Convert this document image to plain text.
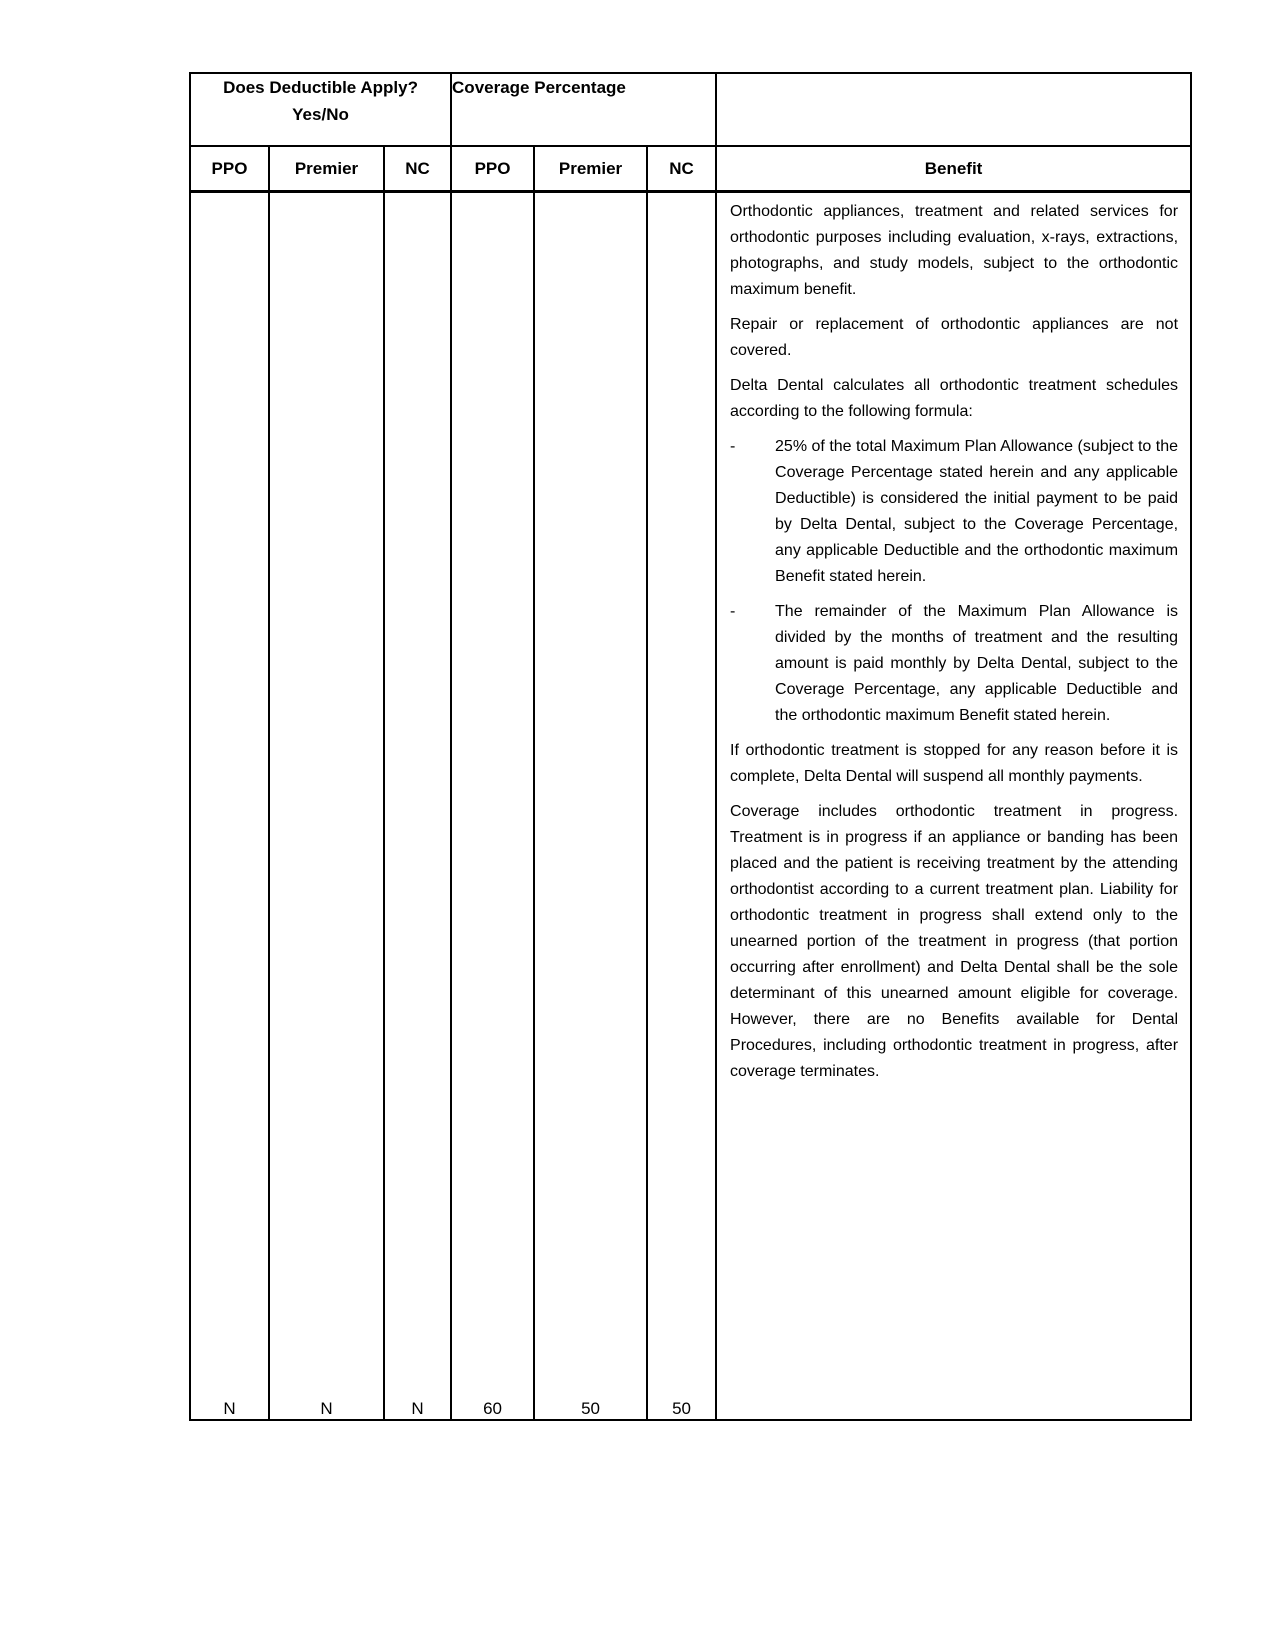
Does Deductible Apply?
Yes/No			Coverage Percentage			

PPO	Premier	NC	PPO	Premier	NC	Benefit
N	N	N	60	50	50	

Orthodontic appliances, treatment and related services for orthodontic purposes including evaluation, x-rays, extractions, photographs, and study models, subject to the orthodontic maximum benefit.

Repair or replacement of orthodontic appliances are not covered.

Delta Dental calculates all orthodontic treatment schedules according to the following formula:

-	25% of the total Maximum Plan Allowance (subject to the Coverage Percentage stated herein and any applicable Deductible) is considered the initial payment to be paid by Delta Dental, subject to the Coverage Percentage, any applicable Deductible and the orthodontic maximum Benefit stated herein.
-	The remainder of the Maximum Plan Allowance is divided by the months of treatment and the resulting amount is paid monthly by Delta Dental, subject to the Coverage Percentage, any applicable Deductible and the orthodontic maximum Benefit stated herein.

If orthodontic treatment is stopped for any reason before it is complete, Delta Dental will suspend all monthly payments.

Coverage includes orthodontic treatment in progress. Treatment is in progress if an appliance or banding has been placed and the patient is receiving treatment by the attending orthodontist according to a current treatment plan. Liability for orthodontic treatment in progress shall extend only to the unearned portion of the treatment in progress (that portion occurring after enrollment) and Delta Dental shall be the sole determinant of this unearned amount eligible for coverage. However, there are no Benefits available for Dental Procedures, including orthodontic treatment in progress, after coverage terminates.
